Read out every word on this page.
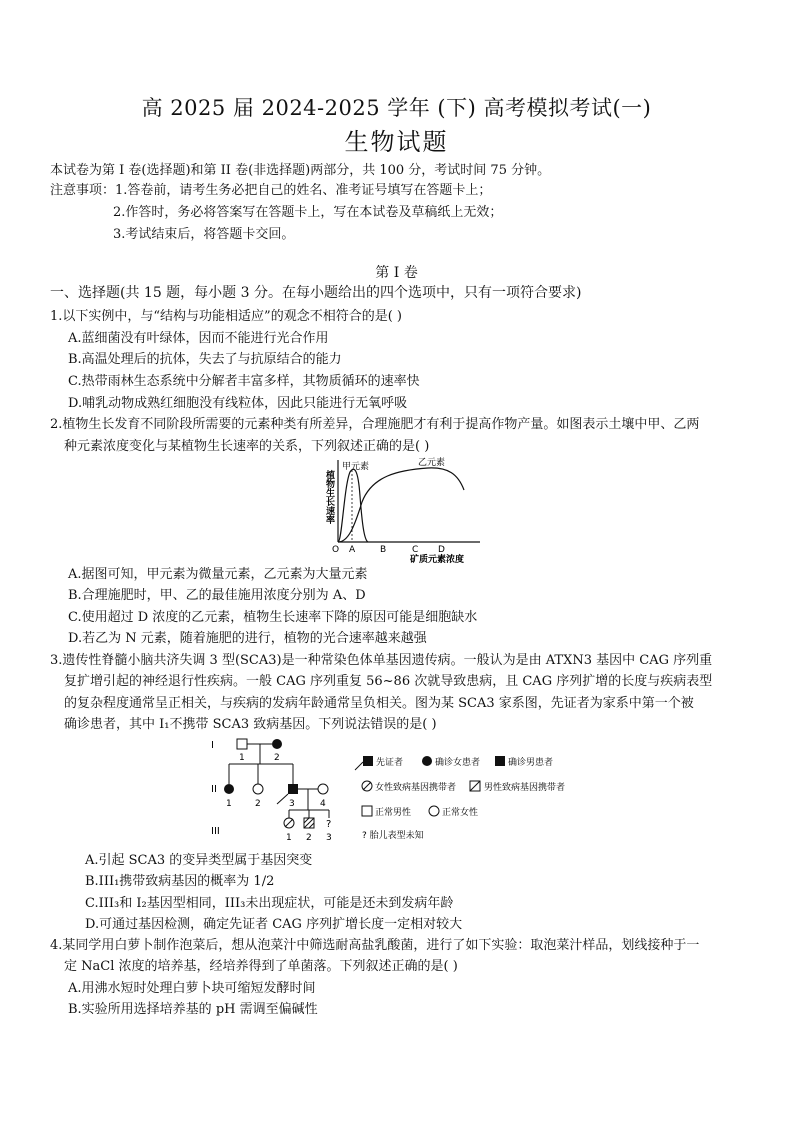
高 2025 届 2024-2025 学年 (下) 高考模拟考试(一)
生物试题
本试卷为第 I 卷(选择题)和第 II 卷(非选择题)两部分，共 100 分，考试时间 75 分钟。
注意事项：1.答卷前，请考生务必把自己的姓名、准考证号填写在答题卡上；
2.作答时，务必将答案写在答题卡上，写在本试卷及草稿纸上无效；
3.考试结束后，将答题卡交回。
第 I 卷
一、选择题(共 15 题，每小题 3 分。在每小题给出的四个选项中，只有一项符合要求)
1.以下实例中，与“结构与功能相适应”的观念不相符合的是( )
A.蓝细菌没有叶绿体，因而不能进行光合作用
B.高温处理后的抗体，失去了与抗原结合的能力
C.热带雨林生态系统中分解者丰富多样，其物质循环的速率快
D.哺乳动物成熟红细胞没有线粒体，因此只能进行无氧呼吸
2.植物生长发育不同阶段所需要的元素种类有所差异，合理施肥才有利于提高作物产量。如图表示土壤中甲、乙两
种元素浓度变化与某植物生长速率的关系，下列叙述正确的是( )
植物生长速率
甲元素	乙元素
O A	B	C D
矿质元素浓度
A.据图可知，甲元素为微量元素，乙元素为大量元素
B.合理施肥时，甲、乙的最佳施用浓度分别为 A、D
C.使用超过 D 浓度的乙元素，植物生长速率下降的原因可能是细胞缺水
D.若乙为 N 元素，随着施肥的进行，植物的光合速率越来越强
3.遗传性脊髓小脑共济失调 3 型(SCA3)是一种常染色体单基因遗传病。一般认为是由 ATXN3 基因中 CAG 序列重
复扩增引起的神经退行性疾病。一般 CAG 序列重复 56~86 次就导致患病，且 CAG 序列扩增的长度与疾病表型
的复杂程度通常呈正相关，与疾病的发病年龄通常呈负相关。图为某 SCA3 家系图，先证者为家系中第一个被
确诊患者，其中 I₁不携带 SCA3 致病基因。下列说法错误的是( )
I
II
III
1	2
1	2	3	4
?
1 2 3
先证者	确诊女患者	确诊男患者
女性致病基因携带者	男性致病基因携带者
正常男性	正常女性
? 胎儿表型未知
A.引起 SCA3 的变异类型属于基因突变
B.III₁携带致病基因的概率为 1/2
C.III₃和 I₂基因型相同，III₃未出现症状，可能是还未到发病年龄
D.可通过基因检测，确定先证者 CAG 序列扩增长度一定相对较大
4.某同学用白萝卜制作泡菜后，想从泡菜汁中筛选耐高盐乳酸菌，进行了如下实验：取泡菜汁样品，划线接种于一
定 NaCl 浓度的培养基，经培养得到了单菌落。下列叙述正确的是( )
A.用沸水短时处理白萝卜块可缩短发酵时间
B.实验所用选择培养基的 pH 需调至偏碱性
